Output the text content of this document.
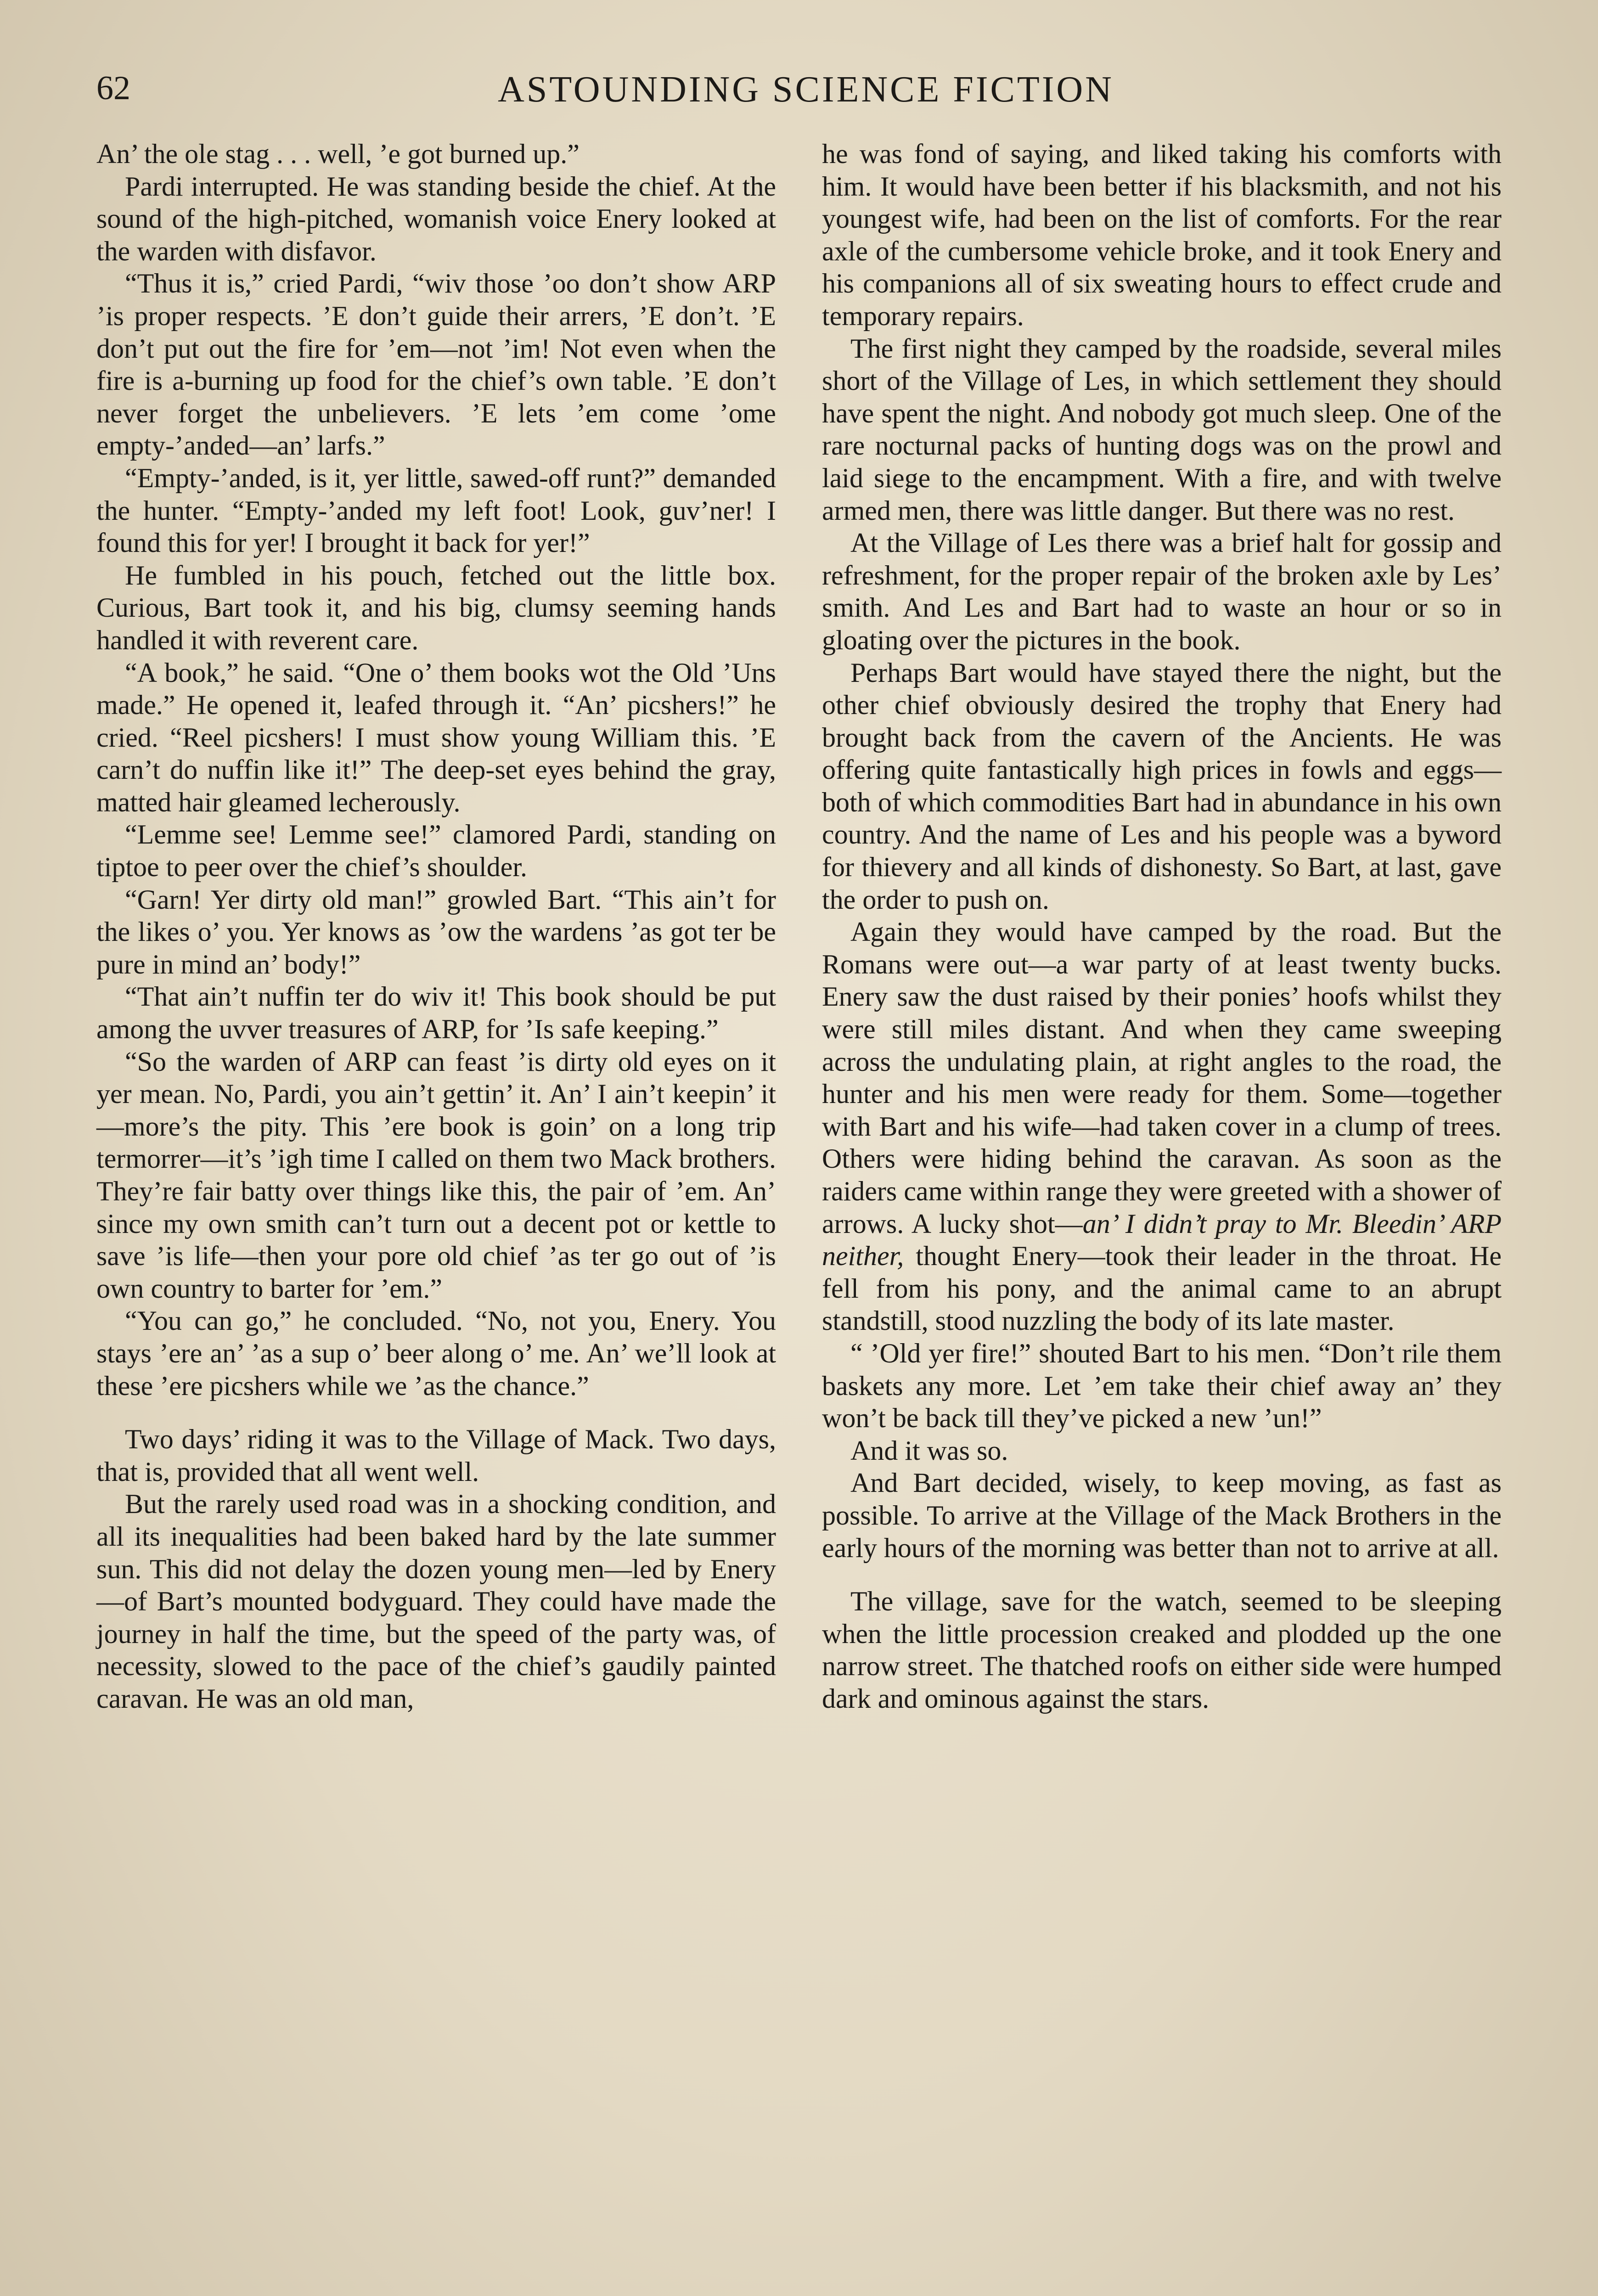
62	ASTOUNDING SCIENCE FICTION

An’ the ole stag . . . well, ’e got burned up.”

Pardi interrupted. He was standing beside the chief. At the sound of the high-pitched, womanish voice Enery looked at the warden with disfavor.

“Thus it is,” cried Pardi, “wiv those ’oo don’t show ARP ’is proper respects. ’E don’t guide their arrers, ’E don’t. ’E don’t put out the fire for ’em—not ’im! Not even when the fire is a-burning up food for the chief’s own table. ’E don’t never forget the unbelievers. ’E lets ’em come ’ome empty-’anded—an’ larfs.”

“Empty-’anded, is it, yer little, sawed-off runt?” demanded the hunter. “Empty-’anded my left foot! Look, guv’ner! I found this for yer! I brought it back for yer!”

He fumbled in his pouch, fetched out the little box. Curious, Bart took it, and his big, clumsy seeming hands handled it with reverent care.

“A book,” he said. “One o’ them books wot the Old ’Uns made.” He opened it, leafed through it. “An’ picshers!” he cried. “Reel picshers! I must show young William this. ’E carn’t do nuffin like it!” The deep-set eyes behind the gray, matted hair gleamed lecherously.

“Lemme see! Lemme see!” clamored Pardi, standing on tiptoe to peer over the chief’s shoulder.

“Garn! Yer dirty old man!” growled Bart. “This ain’t for the likes o’ you. Yer knows as ’ow the wardens ’as got ter be pure in mind an’ body!”

“That ain’t nuffin ter do wiv it! This book should be put among the uvver treasures of ARP, for ’Is safe keeping.”

“So the warden of ARP can feast ’is dirty old eyes on it yer mean. No, Pardi, you ain’t gettin’ it. An’ I ain’t keepin’ it—more’s the pity. This ’ere book is goin’ on a long trip termorrer—it’s ’igh time I called on them two Mack brothers. They’re fair batty over things like this, the pair of ’em. An’ since my own smith can’t turn out a decent pot or kettle to save ’is life—then your pore old chief ’as ter go out of ’is own country to barter for ’em.”

“You can go,” he concluded. “No, not you, Enery. You stays ’ere an’ ’as a sup o’ beer along o’ me. An’ we’ll look at these ’ere picshers while we ’as the chance.”

Two days’ riding it was to the Village of Mack. Two days, that is, provided that all went well.

But the rarely used road was in a shocking condition, and all its inequalities had been baked hard by the late summer sun. This did not delay the dozen young men—led by Enery—of Bart’s mounted bodyguard. They could have made the journey in half the time, but the speed of the party was, of necessity, slowed to the pace of the chief’s gaudily painted caravan. He was an old man,

he was fond of saying, and liked taking his comforts with him. It would have been better if his blacksmith, and not his youngest wife, had been on the list of comforts. For the rear axle of the cumbersome vehicle broke, and it took Enery and his companions all of six sweating hours to effect crude and temporary repairs.

The first night they camped by the roadside, several miles short of the Village of Les, in which settlement they should have spent the night. And nobody got much sleep. One of the rare nocturnal packs of hunting dogs was on the prowl and laid siege to the encampment. With a fire, and with twelve armed men, there was little danger. But there was no rest.

At the Village of Les there was a brief halt for gossip and refreshment, for the proper repair of the broken axle by Les’ smith. And Les and Bart had to waste an hour or so in gloating over the pictures in the book.

Perhaps Bart would have stayed there the night, but the other chief obviously desired the trophy that Enery had brought back from the cavern of the Ancients. He was offering quite fantastically high prices in fowls and eggs—both of which commodities Bart had in abundance in his own country. And the name of Les and his people was a byword for thievery and all kinds of dishonesty. So Bart, at last, gave the order to push on.

Again they would have camped by the road. But the Romans were out—a war party of at least twenty bucks. Enery saw the dust raised by their ponies’ hoofs whilst they were still miles distant. And when they came sweeping across the undulating plain, at right angles to the road, the hunter and his men were ready for them. Some—together with Bart and his wife—had taken cover in a clump of trees. Others were hiding behind the caravan. As soon as the raiders came within range they were greeted with a shower of arrows. A lucky shot—an’ I didn’t pray to Mr. Bleedin’ ARP neither, thought Enery—took their leader in the throat. He fell from his pony, and the animal came to an abrupt standstill, stood nuzzling the body of its late master.

“ ’Old yer fire!” shouted Bart to his men. “Don’t rile them baskets any more. Let ’em take their chief away an’ they won’t be back till they’ve picked a new ’un!”

And it was so.

And Bart decided, wisely, to keep moving, as fast as possible. To arrive at the Village of the Mack Brothers in the early hours of the morning was better than not to arrive at all.

The village, save for the watch, seemed to be sleeping when the little procession creaked and plodded up the one narrow street. The thatched roofs on either side were humped dark and ominous against the stars.
